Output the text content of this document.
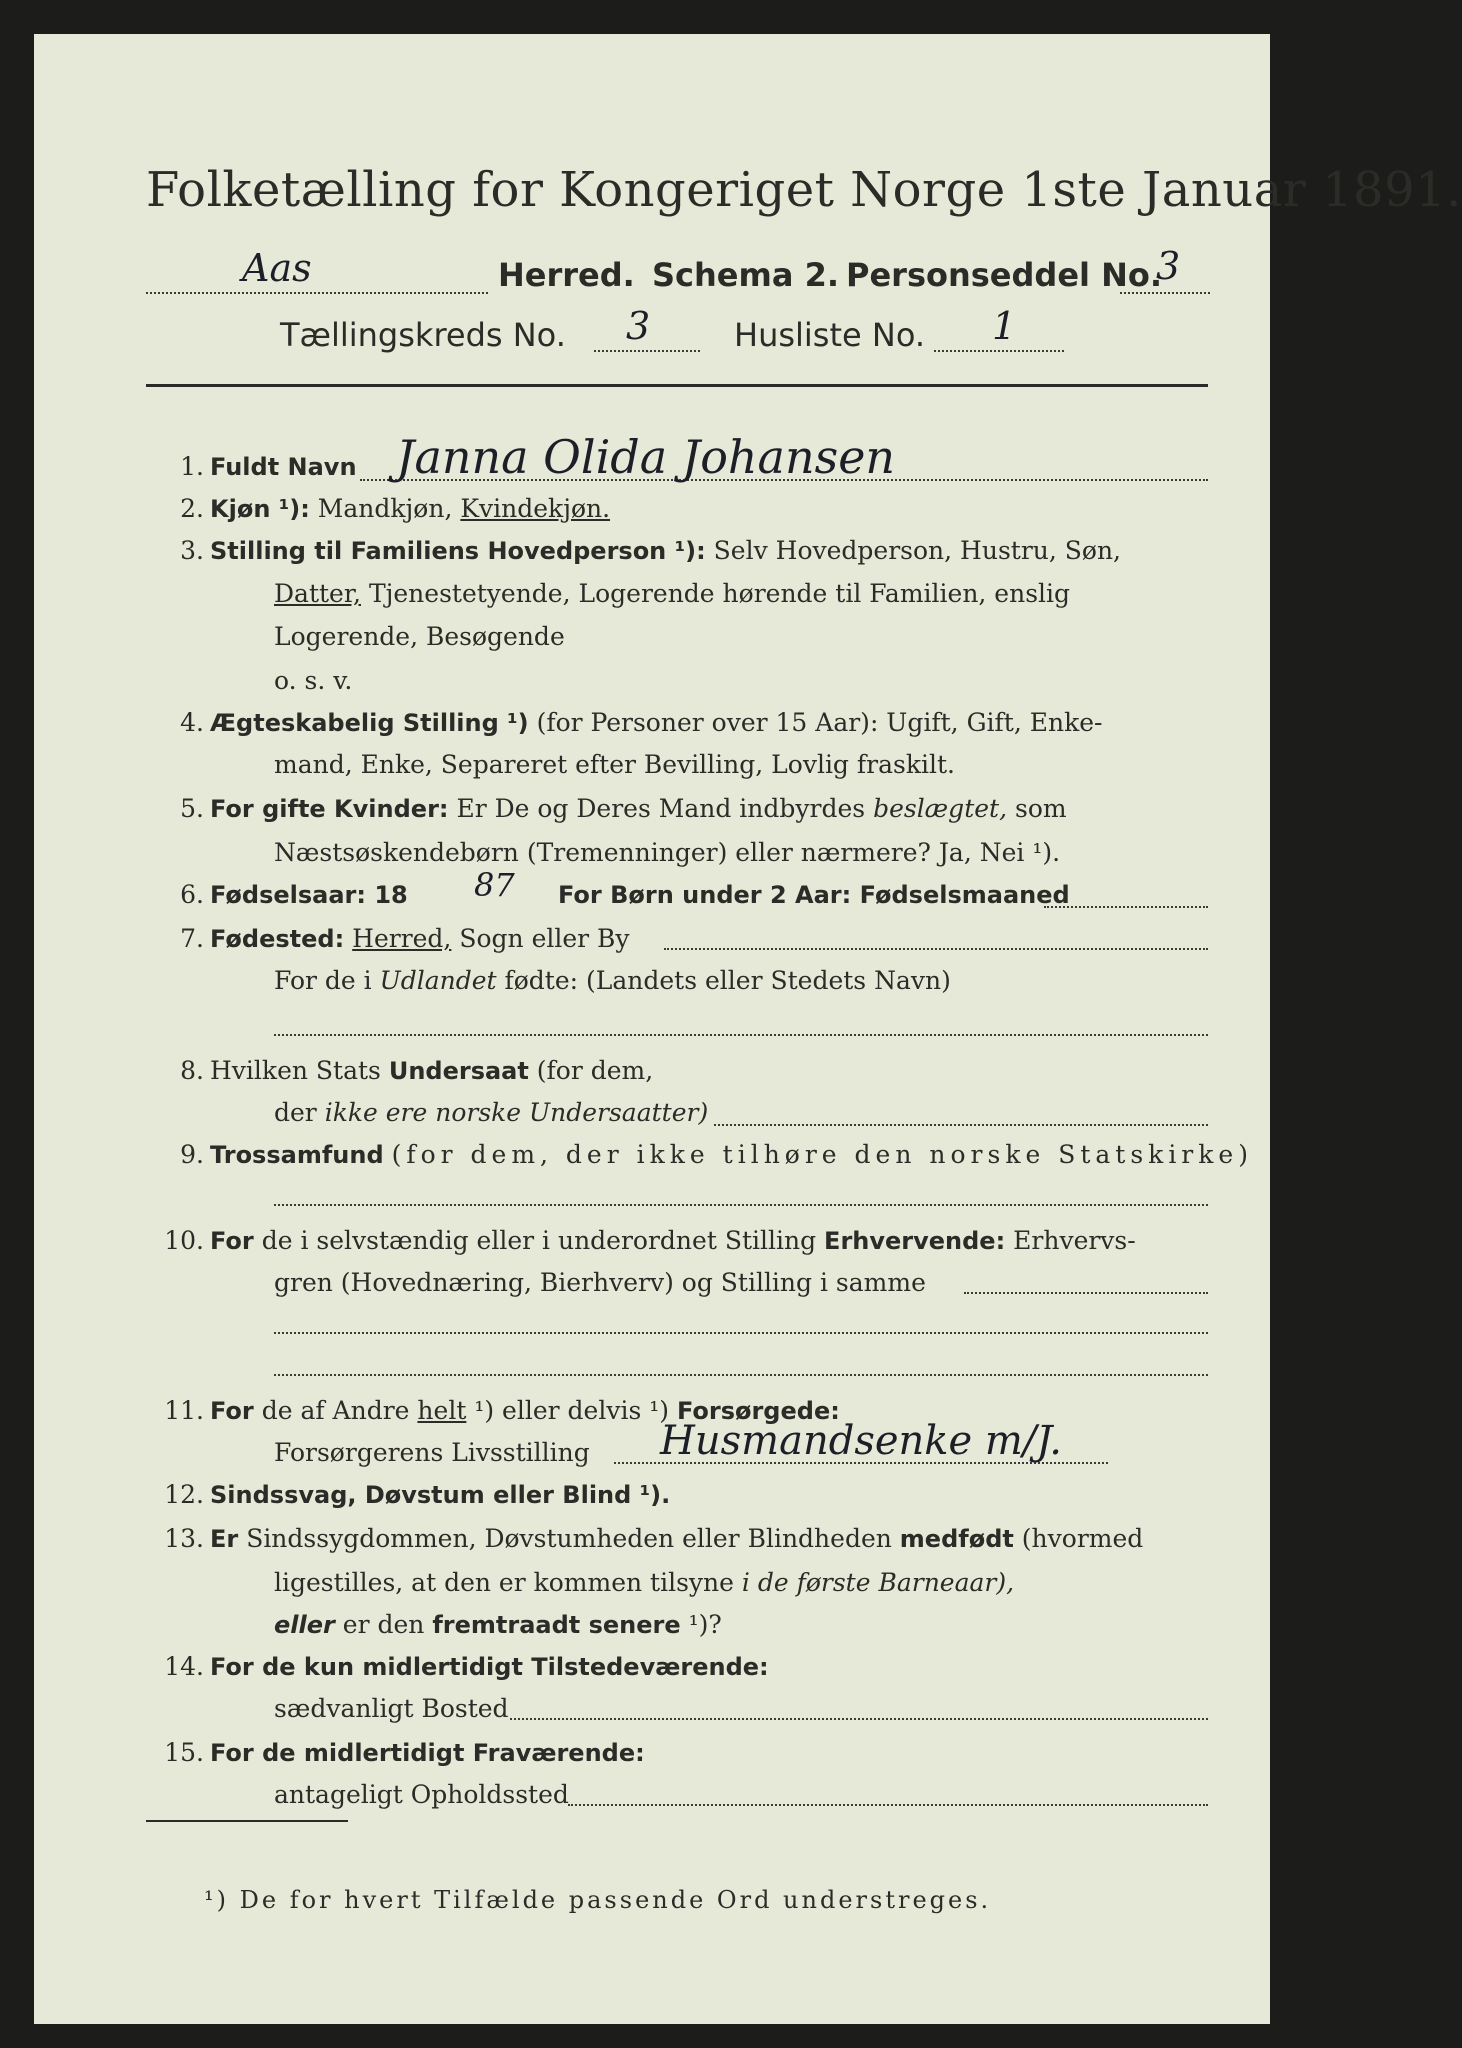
Folketælling for Kongeriget Norge 1ste Januar 1891.
Aas	Herred. Schema 2. Personseddel No.
3
Tællingskreds No. 3	Husliste No. 1
1. Fuldt Navn Janna Olida Johansen
2. Kjøn ¹): Mandkjøn, Kvindekjøn.
3. Stilling til Familiens Hovedperson ¹): Selv Hovedperson, Hustru, Søn,
Datter, Tjenestetyende, Logerende hørende til Familien, enslig
Logerende, Besøgende
o. s. v.
4. Ægteskabelig Stilling ¹) (for Personer over 15 Aar): Ugift, Gift, Enke-
mand, Enke, Separeret efter Bevilling, Lovlig fraskilt.
5. For gifte Kvinder: Er De og Deres Mand indbyrdes beslægtet, som
Næstsøskendebørn (Tremenninger) eller nærmere? Ja, Nei ¹).
6. Fødselsaar: 18 87 For Børn under 2 Aar: Fødselsmaaned
7. Fødested: Herred, Sogn eller By
For de i Udlandet fødte: (Landets eller Stedets Navn)
8. Hvilken Stats Undersaat (for dem,
der ikke ere norske Undersaatter)
9. Trossamfund (for dem, der ikke tilhøre den norske Statskirke)
10. For de i selvstændig eller i underordnet Stilling Erhvervende: Erhvervs-
gren (Hovednæring, Bierhverv) og Stilling i samme
11. For de af Andre helt ¹) eller delvis ¹) Forsørgede:
Forsørgerens Livsstilling Husmandsenke m/J.
12. Sindssvag, Døvstum eller Blind ¹).
13. Er Sindssygdommen, Døvstumheden eller Blindheden medfødt (hvormed
ligestilles, at den er kommen tilsyne i de første Barneaar),
eller er den fremtraadt senere ¹)?
14. For de kun midlertidigt Tilstedeværende:
sædvanligt Bosted
15. For de midlertidigt Fraværende:
antageligt Opholdssted
¹) De for hvert Tilfælde passende Ord understreges.
